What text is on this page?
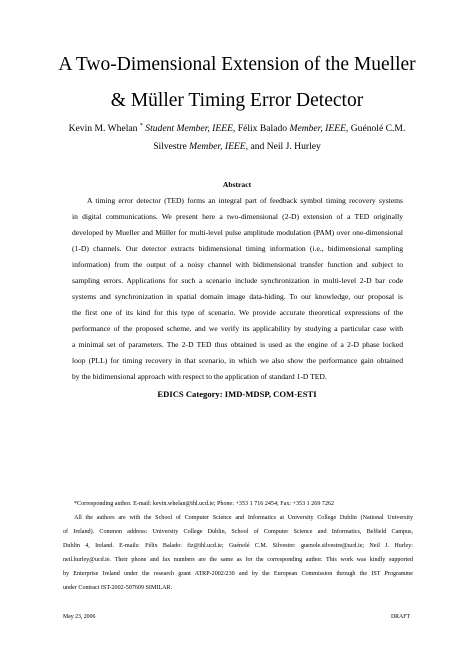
A Two-Dimensional Extension of the Mueller
& Müller Timing Error Detector
Kevin M. Whelan * Student Member, IEEE, Félix Balado Member, IEEE, Guénolé C.M.
Silvestre Member, IEEE, and Neil J. Hurley
Abstract
A timing error detector (TED) forms an integral part of feedback symbol timing recovery systems
in digital communications. We present here a two-dimensional (2-D) extension of a TED originally
developed by Mueller and Müller for multi-level pulse amplitude modulation (PAM) over one-dimensional
(1-D) channels. Our detector extracts bidimensional timing information (i.e., bidimensional sampling
information) from the output of a noisy channel with bidimensional transfer function and subject to
sampling errors. Applications for such a scenario include synchronization in multi-level 2-D bar code
systems and synchronization in spatial domain image data-hiding. To our knowledge, our proposal is
the first one of its kind for this type of scenario. We provide accurate theoretical expressions of the
performance of the proposed scheme, and we verify its applicability by studying a particular case with
a minimal set of parameters. The 2-D TED thus obtained is used as the engine of a 2-D phase locked
loop (PLL) for timing recovery in that scenario, in which we also show the performance gain obtained
by the bidimensional approach with respect to the application of standard 1-D TED.
EDICS Category: IMD-MDSP, COM-ESTI
*Corresponding author. E-mail: kevin.whelan@ihl.ucd.ie; Phone: +353 1 716 2454; Fax: +353 1 269 7262
All the authors are with the School of Computer Science and Informatics at University College Dublin (National University
of Ireland). Common address: University College Dublin, School of Computer Science and Informatics, Belfield Campus,
Dublin 4, Ireland. E-mails: Félix Balado: fiz@ihl.ucd.ie; Guénolé C.M. Silvestre: guenole.silvestre@ucd.ie; Neil J. Hurley:
neil.hurley@ucd.ie. Their phone and fax numbers are the same as for the corresponding author. This work was kindly supported
by Enterprise Ireland under the research grant ATRP-2002/230 and by the European Commission through the IST Programme
under Contract IST-2002-507609 SIMILAR.
May 23, 2006	DRAFT
